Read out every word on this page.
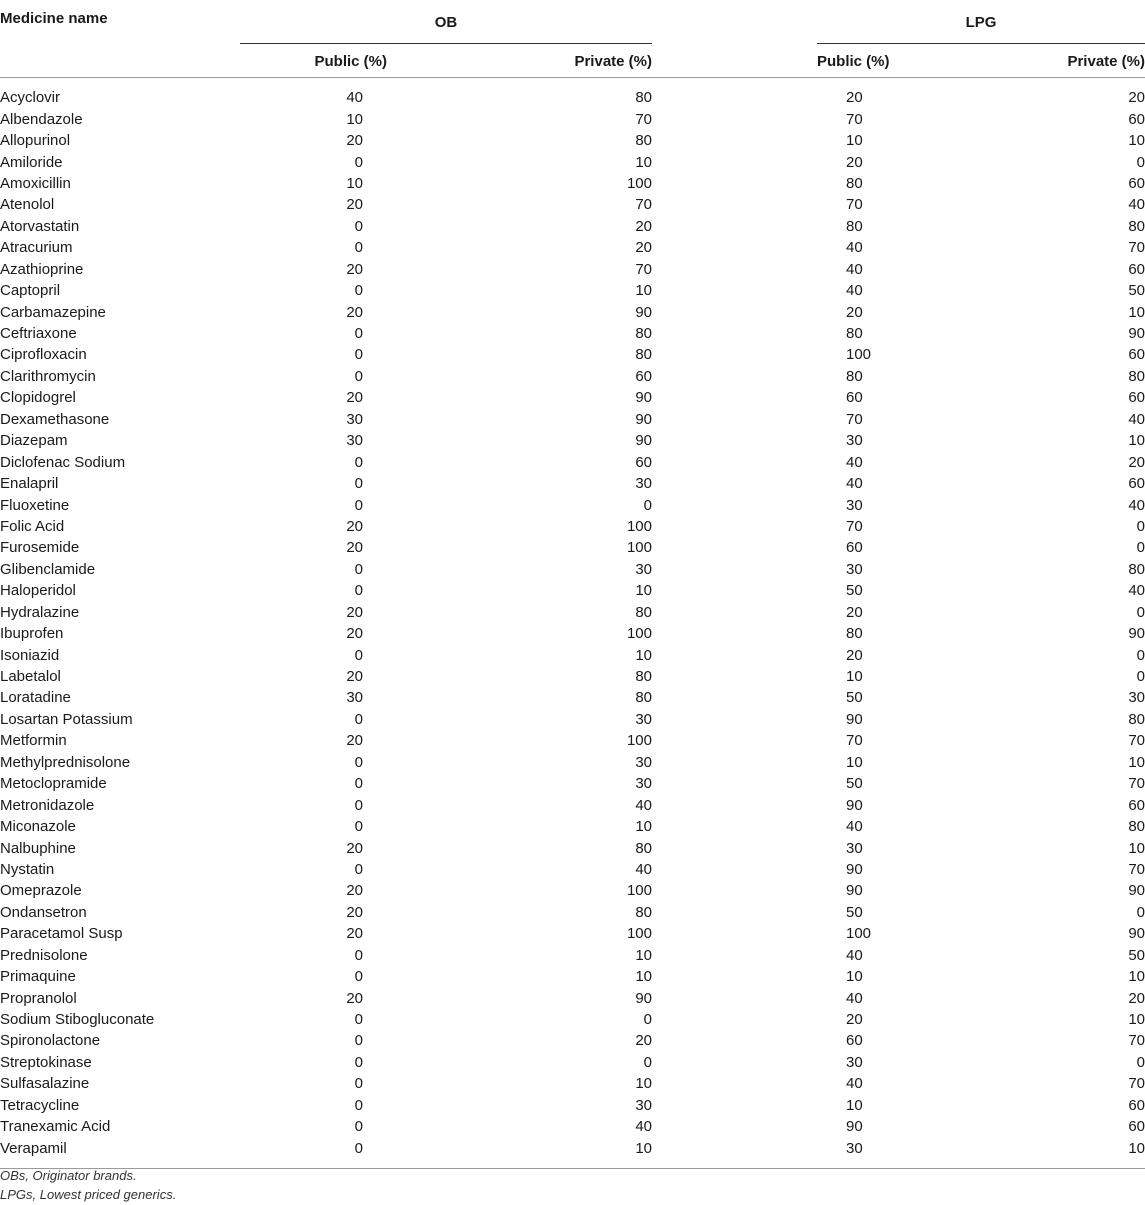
Medicine name	OB			LPG	

	Public (%)	Private (%)		Public (%)	Private (%)

Acyclovir	40	80		20	20
Albendazole	10	70		70	60
Allopurinol	20	80		10	10
Amiloride	0	10		20	0
Amoxicillin	10	100		80	60
Atenolol	20	70		70	40
Atorvastatin	0	20		80	80
Atracurium	0	20		40	70
Azathioprine	20	70		40	60
Captopril	0	10		40	50
Carbamazepine	20	90		20	10
Ceftriaxone	0	80		80	90
Ciprofloxacin	0	80		100	60
Clarithromycin	0	60		80	80
Clopidogrel	20	90		60	60
Dexamethasone	30	90		70	40
Diazepam	30	90		30	10
Diclofenac Sodium	0	60		40	20
Enalapril	0	30		40	60
Fluoxetine	0	0		30	40
Folic Acid	20	100		70	0
Furosemide	20	100		60	0
Glibenclamide	0	30		30	80
Haloperidol	0	10		50	40
Hydralazine	20	80		20	0
Ibuprofen	20	100		80	90
Isoniazid	0	10		20	0
Labetalol	20	80		10	0
Loratadine	30	80		50	30
Losartan Potassium	0	30		90	80
Metformin	20	100		70	70
Methylprednisolone	0	30		10	10
Metoclopramide	0	30		50	70
Metronidazole	0	40		90	60
Miconazole	0	10		40	80
Nalbuphine	20	80		30	10
Nystatin	0	40		90	70
Omeprazole	20	100		90	90
Ondansetron	20	80		50	0
Paracetamol Susp	20	100		100	90
Prednisolone	0	10		40	50
Primaquine	0	10		10	10
Propranolol	20	90		40	20
Sodium Stibogluconate	0	0		20	10
Spironolactone	0	20		60	70
Streptokinase	0	0		30	0
Sulfasalazine	0	10		40	70
Tetracycline	0	30		10	60
Tranexamic Acid	0	40		90	60
Verapamil	0	10		30	10

OBs, Originator brands.
LPGs, Lowest priced generics.
